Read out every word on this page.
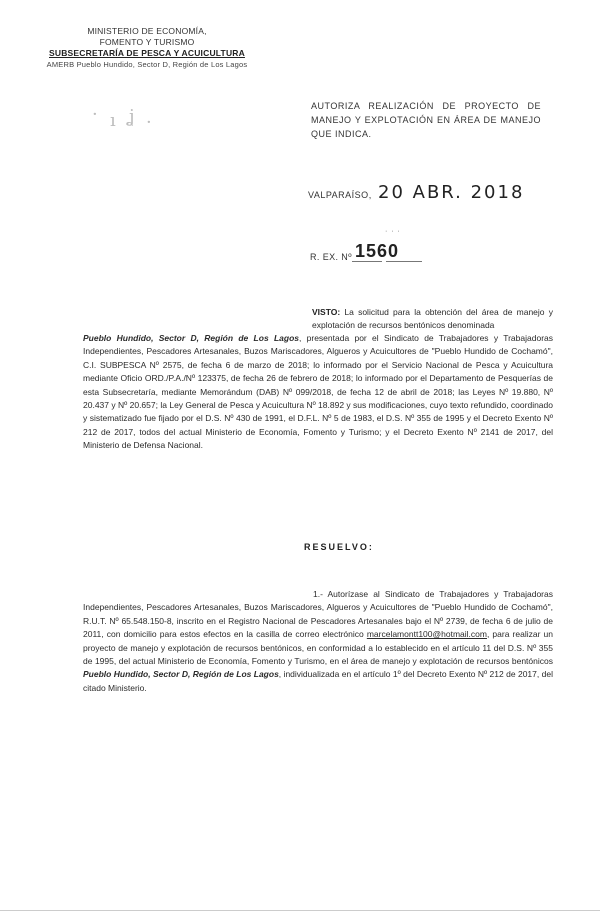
MINISTERIO DE ECONOMÍA,
FOMENTO Y TURISMO
SUBSECRETARÍA DE PESCA Y ACUICULTURA
AMERB Pueblo Hundido, Sector D, Región de Los Lagos
· ı ʝ ·
AUTORIZA REALIZACIÓN DE PROYECTO DE MANEJO Y EXPLOTACIÓN EN ÁREA DE MANEJO QUE INDICA.
VALPARAÍSO, 20 ABR. 2018
· · ·
R. EX. Nº 1560
VISTO: La solicitud para la obtención del área de manejo y explotación de recursos bentónicos denominada
Pueblo Hundido, Sector D, Región de Los Lagos, presentada por el Sindicato de Trabajadores y Trabajadoras Independientes, Pescadores Artesanales, Buzos Mariscadores, Algueros y Acuicultores de "Pueblo Hundido de Cochamó", C.I. SUBPESCA Nº 2575, de fecha 6 de marzo de 2018; lo informado por el Servicio Nacional de Pesca y Acuicultura mediante Oficio ORD./P.A./Nº 123375, de fecha 26 de febrero de 2018; lo informado por el Departamento de Pesquerías de esta Subsecretaría, mediante Memorándum (DAB) Nº 099/2018, de fecha 12 de abril de 2018; las Leyes Nº 19.880, Nº 20.437 y Nº 20.657; la Ley General de Pesca y Acuicultura Nº 18.892 y sus modificaciones, cuyo texto refundido, coordinado y sistematizado fue fijado por el D.S. Nº 430 de 1991, el D.F.L. Nº 5 de 1983, el D.S. Nº 355 de 1995 y el Decreto Exento Nº 212 de 2017, todos del actual Ministerio de Economía, Fomento y Turismo; y el Decreto Exento Nº 2141 de 2017, del Ministerio de Defensa Nacional.
RESUELVO:
1.- Autorízase al Sindicato de Trabajadores y Trabajadoras Independientes, Pescadores Artesanales, Buzos Mariscadores, Algueros y Acuicultores de "Pueblo Hundido de Cochamó", R.U.T. Nº 65.548.150-8, inscrito en el Registro Nacional de Pescadores Artesanales bajo el Nº 2739, de fecha 6 de julio de 2011, con domicilio para estos efectos en la casilla de correo electrónico marcelamontt100@hotmail.com, para realizar un proyecto de manejo y explotación de recursos bentónicos, en conformidad a lo establecido en el artículo 11 del D.S. Nº 355 de 1995, del actual Ministerio de Economía, Fomento y Turismo, en el área de manejo y explotación de recursos bentónicos Pueblo Hundido, Sector D, Región de Los Lagos, individualizada en el artículo 1º del Decreto Exento Nº 212 de 2017, del citado Ministerio.
